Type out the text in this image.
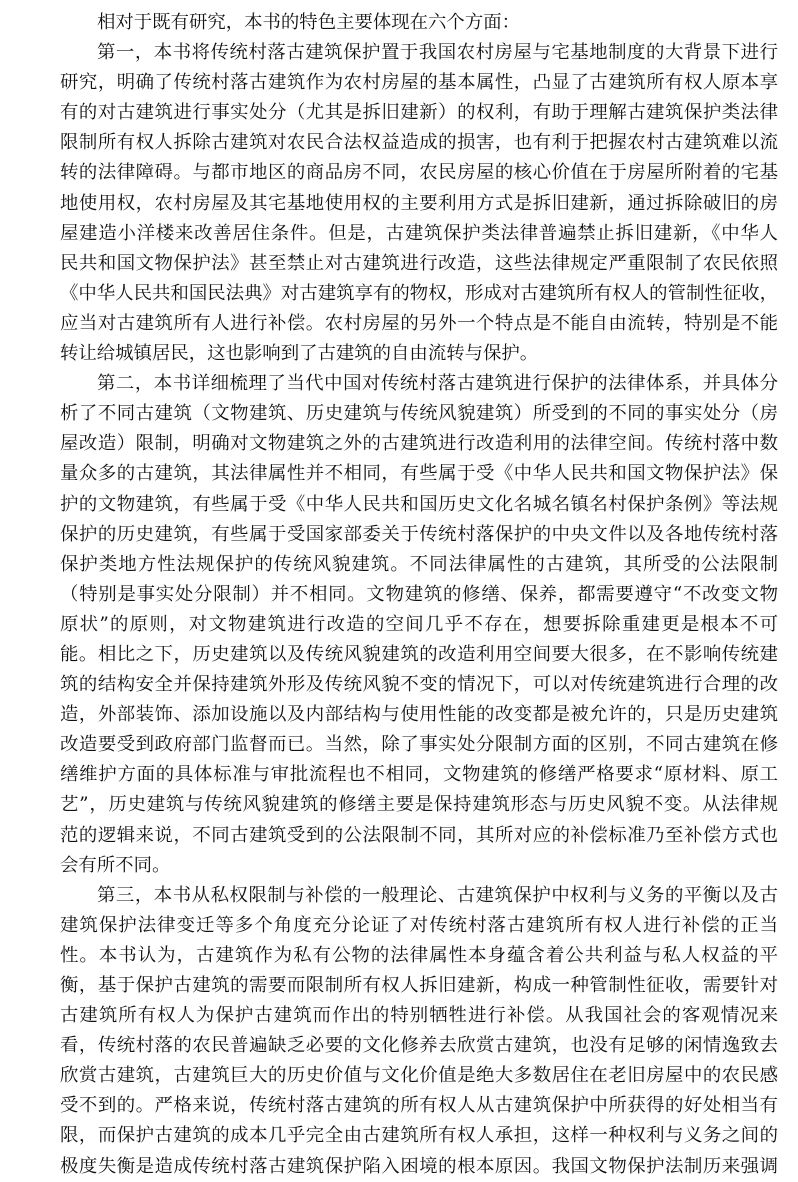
相对于既有研究，本书的特色主要体现在六个方面：
第一，本书将传统村落古建筑保护置于我国农村房屋与宅基地制度的大背景下进行
研究，明确了传统村落古建筑作为农村房屋的基本属性，凸显了古建筑所有权人原本享
有的对古建筑进行事实处分（尤其是拆旧建新）的权利，有助于理解古建筑保护类法律
限制所有权人拆除古建筑对农民合法权益造成的损害，也有利于把握农村古建筑难以流
转的法律障碍。与都市地区的商品房不同，农民房屋的核心价值在于房屋所附着的宅基
地使用权，农村房屋及其宅基地使用权的主要利用方式是拆旧建新，通过拆除破旧的房
屋建造小洋楼来改善居住条件。但是，古建筑保护类法律普遍禁止拆旧建新，《中华人
民共和国文物保护法》甚至禁止对古建筑进行改造，这些法律规定严重限制了农民依照
《中华人民共和国民法典》对古建筑享有的物权，形成对古建筑所有权人的管制性征收，
应当对古建筑所有人进行补偿。农村房屋的另外一个特点是不能自由流转，特别是不能
转让给城镇居民，这也影响到了古建筑的自由流转与保护。
第二，本书详细梳理了当代中国对传统村落古建筑进行保护的法律体系，并具体分
析了不同古建筑（文物建筑、历史建筑与传统风貌建筑）所受到的不同的事实处分（房
屋改造）限制，明确对文物建筑之外的古建筑进行改造利用的法律空间。传统村落中数
量众多的古建筑，其法律属性并不相同，有些属于受《中华人民共和国文物保护法》保
护的文物建筑，有些属于受《中华人民共和国历史文化名城名镇名村保护条例》等法规
保护的历史建筑，有些属于受国家部委关于传统村落保护的中央文件以及各地传统村落
保护类地方性法规保护的传统风貌建筑。不同法律属性的古建筑，其所受的公法限制
（特别是事实处分限制）并不相同。文物建筑的修缮、保养，都需要遵守“不改变文物
原状”的原则，对文物建筑进行改造的空间几乎不存在，想要拆除重建更是根本不可
能。相比之下，历史建筑以及传统风貌建筑的改造利用空间要大很多，在不影响传统建
筑的结构安全并保持建筑外形及传统风貌不变的情况下，可以对传统建筑进行合理的改
造，外部装饰、添加设施以及内部结构与使用性能的改变都是被允许的，只是历史建筑
改造要受到政府部门监督而已。当然，除了事实处分限制方面的区别，不同古建筑在修
缮维护方面的具体标准与审批流程也不相同，文物建筑的修缮严格要求“原材料、原工
艺”，历史建筑与传统风貌建筑的修缮主要是保持建筑形态与历史风貌不变。从法律规
范的逻辑来说，不同古建筑受到的公法限制不同，其所对应的补偿标准乃至补偿方式也
会有所不同。
第三，本书从私权限制与补偿的一般理论、古建筑保护中权利与义务的平衡以及古
建筑保护法律变迁等多个角度充分论证了对传统村落古建筑所有权人进行补偿的正当
性。本书认为，古建筑作为私有公物的法律属性本身蕴含着公共利益与私人权益的平
衡，基于保护古建筑的需要而限制所有权人拆旧建新，构成一种管制性征收，需要针对
古建筑所有权人为保护古建筑而作出的特别牺牲进行补偿。从我国社会的客观情况来
看，传统村落的农民普遍缺乏必要的文化修养去欣赏古建筑，也没有足够的闲情逸致去
欣赏古建筑，古建筑巨大的历史价值与文化价值是绝大多数居住在老旧房屋中的农民感
受不到的。严格来说，传统村落古建筑的所有权人从古建筑保护中所获得的好处相当有
限，而保护古建筑的成本几乎完全由古建筑所有权人承担，这样一种权利与义务之间的
极度失衡是造成传统村落古建筑保护陷入困境的根本原因。我国文物保护法制历来强调
